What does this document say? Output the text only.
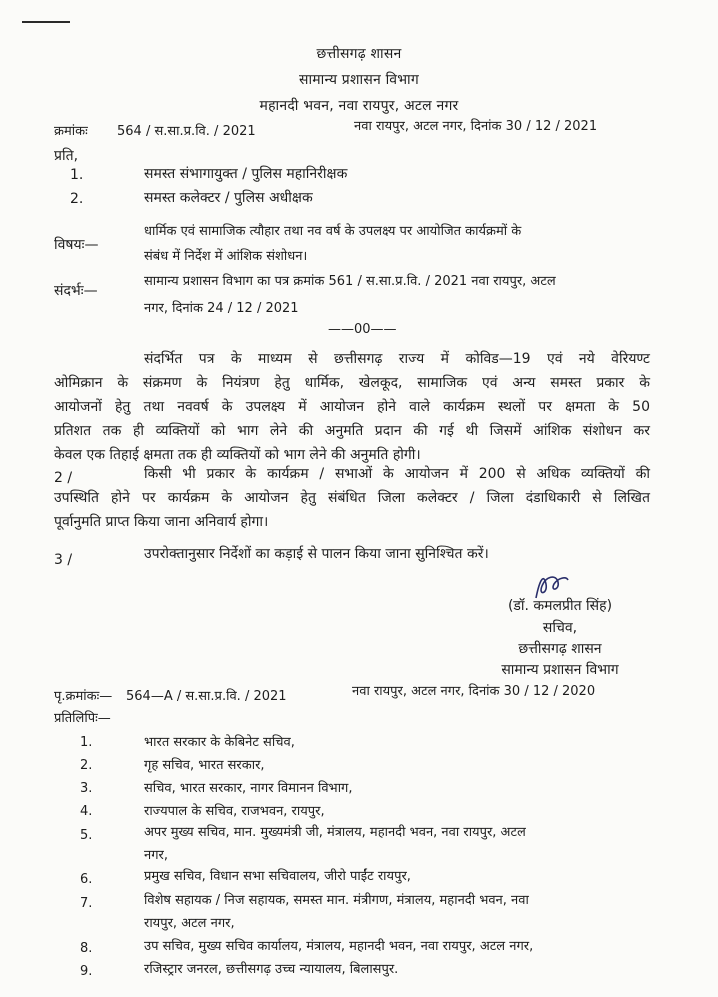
छत्तीसगढ़ शासन
सामान्य प्रशासन विभाग
महानदी भवन, नवा रायपुर, अटल नगर
क्रमांकः 564 / स.सा.प्र.वि. / 2021	नवा रायपुर, अटल नगर, दिनांक 30 / 12 / 2021
प्रति,
1.	समस्त संभागायुक्त / पुलिस महानिरीक्षक
2.	समस्त कलेक्टर / पुलिस अधीक्षक
विषयः—
धार्मिक एवं सामाजिक त्यौहार तथा नव वर्ष के उपलक्ष्य पर आयोजित कार्यक्रमों के
संबंध में निर्देश में आंशिक संशोधन।
संदर्भः—
सामान्य प्रशासन विभाग का पत्र क्रमांक 561 / स.सा.प्र.वि. / 2021 नवा रायपुर, अटल
नगर, दिनांक 24 / 12 / 2021
——00——
संदर्भित पत्र के माध्यम से छत्तीसगढ़ राज्य में कोविड—19 एवं नये वेरियण्ट
ओमिक्रान के संक्रमण के नियंत्रण हेतु धार्मिक, खेलकूद, सामाजिक एवं अन्य समस्त प्रकार के
आयोजनों हेतु तथा नववर्ष के उपलक्ष्य में आयोजन होने वाले कार्यक्रम स्थलों पर क्षमता के 50
प्रतिशत तक ही व्यक्तियों को भाग लेने की अनुमति प्रदान की गई थी जिसमें आंशिक संशोधन कर
केवल एक तिहाई क्षमता तक ही व्यक्तियों को भाग लेने की अनुमति होगी।
2 /	किसी भी प्रकार के कार्यक्रम / सभाओं के आयोजन में 200 से अधिक व्यक्तियों की
उपस्थिति होने पर कार्यक्रम के आयोजन हेतु संबंधित जिला कलेक्टर / जिला दंडाधिकारी से लिखित
पूर्वानुमति प्राप्त किया जाना अनिवार्य होगा।
3 /	उपरोक्तानुसार निर्देशों का कड़ाई से पालन किया जाना सुनिश्चित करें।
(डॉ. कमलप्रीत सिंह)
सचिव,
छत्तीसगढ़ शासन
सामान्य प्रशासन विभाग
पृ.क्रमांकः— 564—A / स.सा.प्र.वि. / 2021	नवा रायपुर, अटल नगर, दिनांक 30 / 12 / 2020
प्रतिलिपिः—
1.	भारत सरकार के केबिनेट सचिव,
2.	गृह सचिव, भारत सरकार,
3.	सचिव, भारत सरकार, नागर विमानन विभाग,
4.	राज्यपाल के सचिव, राजभवन, रायपुर,
5.	अपर मुख्य सचिव, मान. मुख्यमंत्री जी, मंत्रालय, महानदी भवन, नवा रायपुर, अटल
नगर,
6.	प्रमुख सचिव, विधान सभा सचिवालय, जीरो पाईंट रायपुर,
7.	विशेष सहायक / निज सहायक, समस्त मान. मंत्रीगण, मंत्रालय, महानदी भवन, नवा
रायपुर, अटल नगर,
8.	उप सचिव, मुख्य सचिव कार्यालय, मंत्रालय, महानदी भवन, नवा रायपुर, अटल नगर,
9.	रजिस्ट्रार जनरल, छत्तीसगढ़ उच्च न्यायालय, बिलासपुर.
